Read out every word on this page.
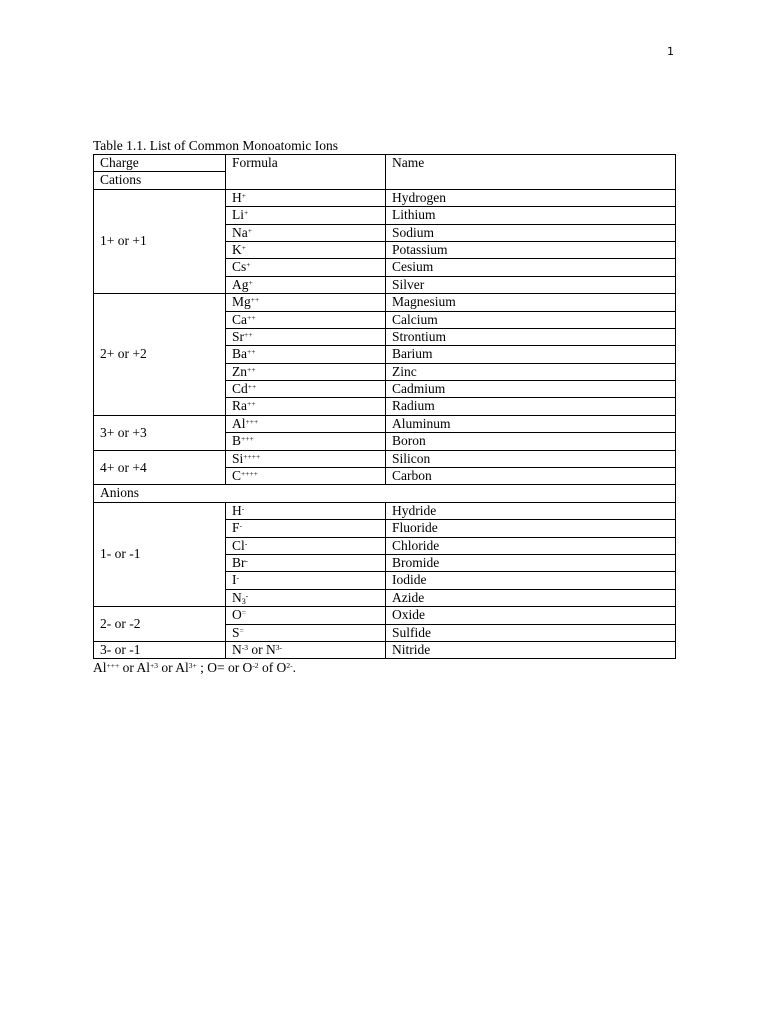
1
Table 1.1. List of Common Monoatomic Ions
Charge	Formula	Name
Cations		
1+ or +1	H+	Hydrogen
	Li+	Lithium
	Na+	Sodium
	K+	Potassium
	Cs+	Cesium
	Ag+	Silver
2+ or +2	Mg++	Magnesium
	Ca++	Calcium
	Sr++	Strontium
	Ba++	Barium
	Zn++	Zinc
	Cd++	Cadmium
	Ra++	Radium
3+ or +3	Al+++	Aluminum
	B+++	Boron
4+ or +4	Si++++	Silicon
	C++++	Carbon
Anions		
1- or -1	H-	Hydride
	F-	Fluoride
	Cl-	Chloride
	Br-	Bromide
	I-	Iodide
	$N_3^-$	Azide
2- or -2	O=	Oxide
	S=	Sulfide
3- or -1	$N^{-3}$ or $N^{3-}$	Nitride
Al+++ or $Al^{+3}$ or $Al^{3+}$ ; O= or $O^{-2}$ of $O^{2-}$.
